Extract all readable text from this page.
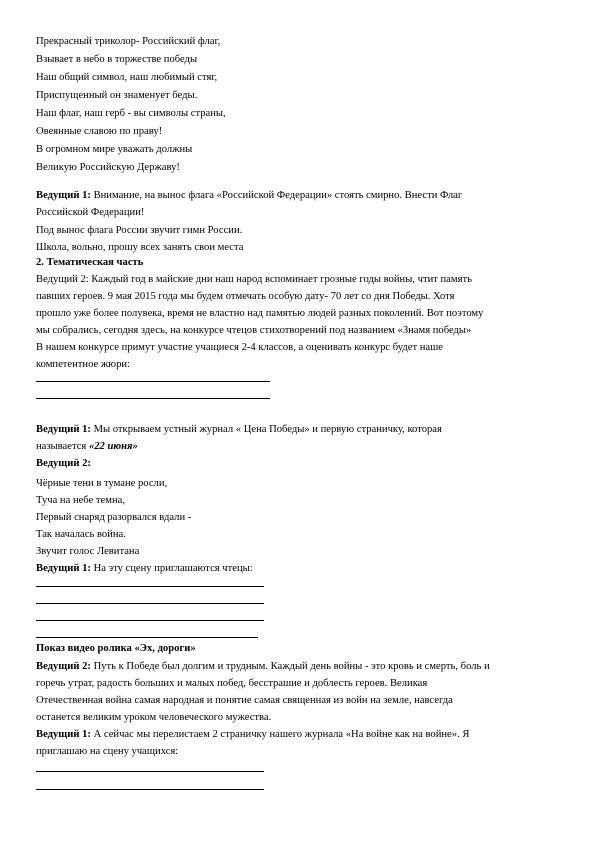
Прекрасный триколор- Российский флаг,
Взывает в небо в торжестве победы
Наш общий символ, наш любимый стяг,
Приспущенный он знаменует беды.
Наш флаг, наш герб - вы символы страны,
Овеянные славою по праву!
В огромном мире уважать должны
Великую Российскую Державу!
Ведущий 1: Внимание, на вынос флага «Российской Федерации» стоять смирно. Внести Флаг
Российской Федерации!
Под вынос флага России звучит гимн России.
Школа, вольно, прошу всех занять свои места
2. Тематическая часть
Ведущий 2: Каждый год в майские дни наш народ вспоминает грозные годы войны, чтит память
павших героев. 9 мая 2015 года мы будем отмечать особую дату- 70 лет со дня Победы. Хотя
прошло уже более полувека, время не властно над памятью людей разных поколений. Вот поэтому
мы собрались, сегодня здесь, на конкурсе чтецов стихотворений под названием «Знамя победы»
В нашем конкурсе примут участие учащиеся 2-4 классов, а оценивать конкурс будет наше
компетентное жюри:
Ведущий 1: Мы открываем устный журнал « Цена Победы» и первую страничку, которая
называется «22 июня»
Ведущий 2:
Чёрные тени в тумане росли,
Туча на небе темна,
Первый снаряд разорвался вдали -
Так началась война.
Звучит голос Левитана
Ведущий 1: На эту сцену приглашаются чтецы:
Показ видео ролика «Эх, дороги»
Ведущий 2: Путь к Победе был долгим и трудным. Каждый день войны - это кровь и смерть, боль и
горечь утрат, радость больших и малых побед, бесстрашие и доблесть героев. Великая
Отечественная война самая народная и понятие самая священная из войн на земле, навсегда
останется великим уроком человеческого мужества.
Ведущий 1: А сейчас мы перелистаем 2 страничку нашего журнала «На войне как на войне». Я
приглашаю на сцену учащихся:
